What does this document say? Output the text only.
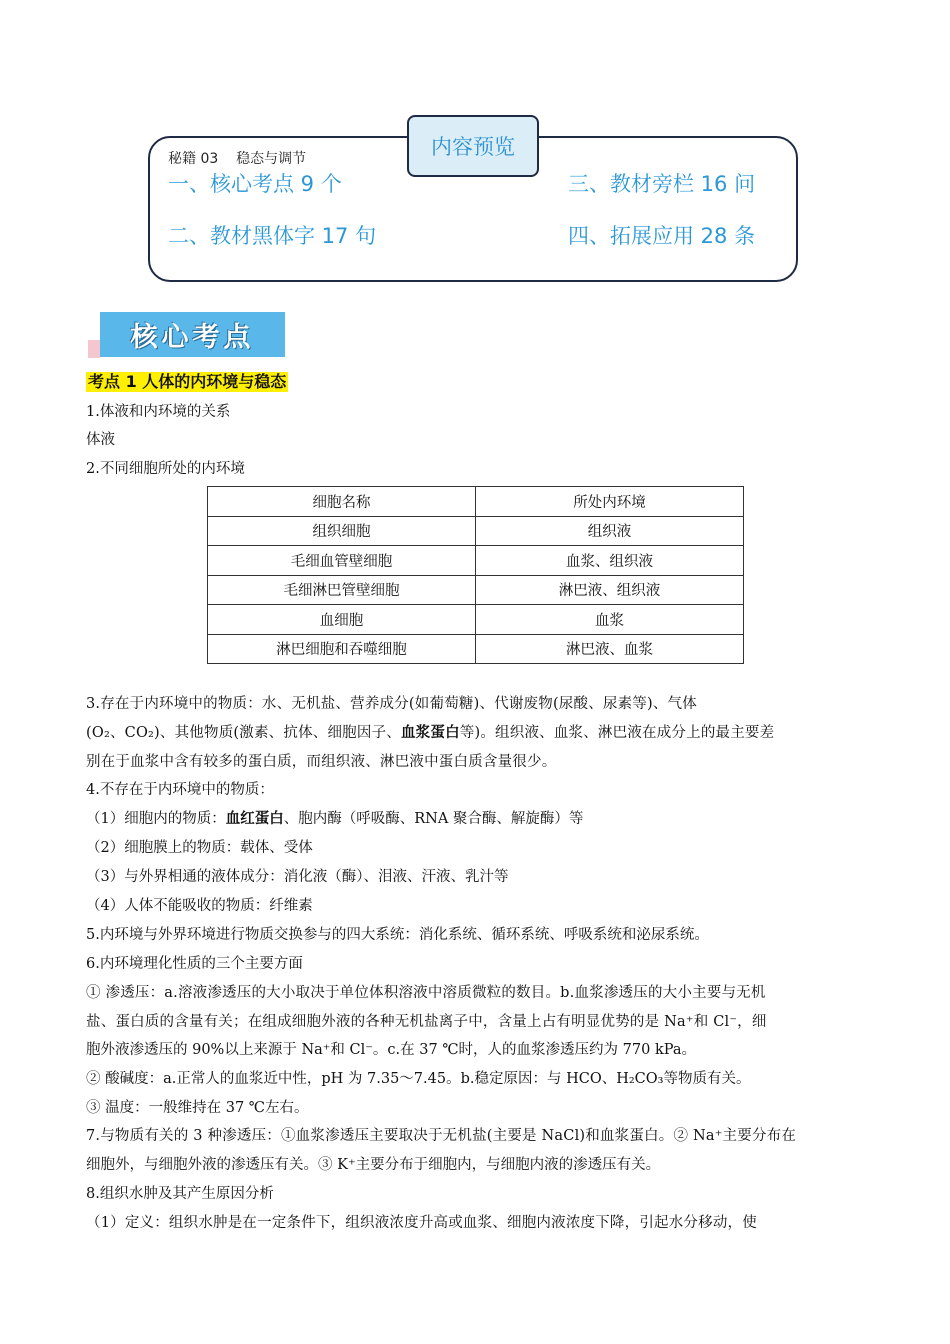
内容预览
秘籍 03 稳态与调节
一、核心考点 9 个
二、教材黑体字 17 句
三、教材旁栏 16 问
四、拓展应用 28 条
核心考点
考点 1 人体的内环境与稳态
1.体液和内环境的关系
体液
2.不同细胞所处的内环境
细胞名称	所处内环境
组织细胞	组织液
毛细血管壁细胞	血浆、组织液
毛细淋巴管壁细胞	淋巴液、组织液
血细胞	血浆
淋巴细胞和吞噬细胞	淋巴液、血浆
3.存在于内环境中的物质：水、无机盐、营养成分(如葡萄糖)、代谢废物(尿酸、尿素等)、气体
(O₂、CO₂)、其他物质(激素、抗体、细胞因子、血浆蛋白等)。组织液、血浆、淋巴液在成分上的最主要差
别在于血浆中含有较多的蛋白质，而组织液、淋巴液中蛋白质含量很少。
4.不存在于内环境中的物质：
（1）细胞内的物质：血红蛋白、胞内酶（呼吸酶、RNA 聚合酶、解旋酶）等
（2）细胞膜上的物质：载体、受体
（3）与外界相通的液体成分：消化液（酶）、泪液、汗液、乳汁等
（4）人体不能吸收的物质：纤维素
5.内环境与外界环境进行物质交换参与的四大系统：消化系统、循环系统、呼吸系统和泌尿系统。
6.内环境理化性质的三个主要方面
① 渗透压：a.溶液渗透压的大小取决于单位体积溶液中溶质微粒的数目。b.血浆渗透压的大小主要与无机
盐、蛋白质的含量有关；在组成细胞外液的各种无机盐离子中，含量上占有明显优势的是 Na⁺和 Cl⁻，细
胞外液渗透压的 90%以上来源于 Na⁺和 Cl⁻。c.在 37 ℃时，人的血浆渗透压约为 770 kPa。
② 酸碱度：a.正常人的血浆近中性，pH 为 7.35～7.45。b.稳定原因：与 HCO、H₂CO₃等物质有关。
③ 温度：一般维持在 37 ℃左右。
7.与物质有关的 3 种渗透压：①血浆渗透压主要取决于无机盐(主要是 NaCl)和血浆蛋白。② Na⁺主要分布在
细胞外，与细胞外液的渗透压有关。③ K⁺主要分布于细胞内，与细胞内液的渗透压有关。
8.组织水肿及其产生原因分析
（1）定义：组织水肿是在一定条件下，组织液浓度升高或血浆、细胞内液浓度下降，引起水分移动，使
